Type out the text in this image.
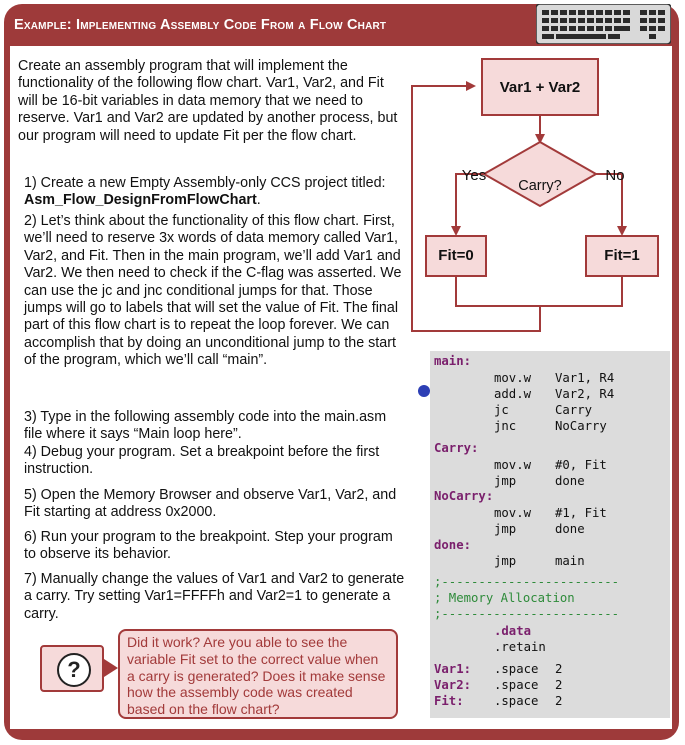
Example: Implementing Assembly Code From a Flow Chart
Create an assembly program that will implement the functionality of the following flow chart. Var1, Var2, and Fit will be 16-bit variables in data memory that we need to reserve. Var1 and Var2 are updated by another process, but our program will need to update Fit per the flow chart.
1) Create a new Empty Assembly-only CCS project titled: Asm_Flow_DesignFromFlowChart.
2) Let’s think about the functionality of this flow chart. First, we’ll need to reserve 3x words of data memory called Var1, Var2, and Fit. Then in the main program, we’ll add Var1 and Var2. We then need to check if the C-flag was asserted. We can use the jc and jnc conditional jumps for that. Those jumps will go to labels that will set the value of Fit. The final part of this flow chart is to repeat the loop forever. We can accomplish that by doing an unconditional jump to the start of the program, which we’ll call “main”.
3) Type in the following assembly code into the main.asm file where it says “Main loop here”.
4) Debug your program. Set a breakpoint before the first instruction.
5) Open the Memory Browser and observe Var1, Var2, and Fit starting at address 0x2000.
6) Run your program to the breakpoint. Step your program to observe its behavior.
7) Manually change the values of Var1 and Var2 to generate a carry. Try setting Var1=FFFFh and Var2=1 to generate a carry.
?
Did it work? Are you able to see the variable Fit set to the correct value when a carry is generated? Does it make sense how the assembly code was created based on the flow chart?
Var1 + Var2
Carry?
Yes	No
Fit=0	Fit=1
main:
mov.w Var1, R4
add.w Var2, R4
jc	Carry
jnc	NoCarry
Carry:
mov.w #0, Fit
jmp	done
NoCarry:
mov.w #1, Fit
jmp	done
done:
jmp	main
;------------------------
; Memory Allocation
;------------------------
.data
.retain
Var1: .space 2
Var2: .space 2
Fit: .space 2
